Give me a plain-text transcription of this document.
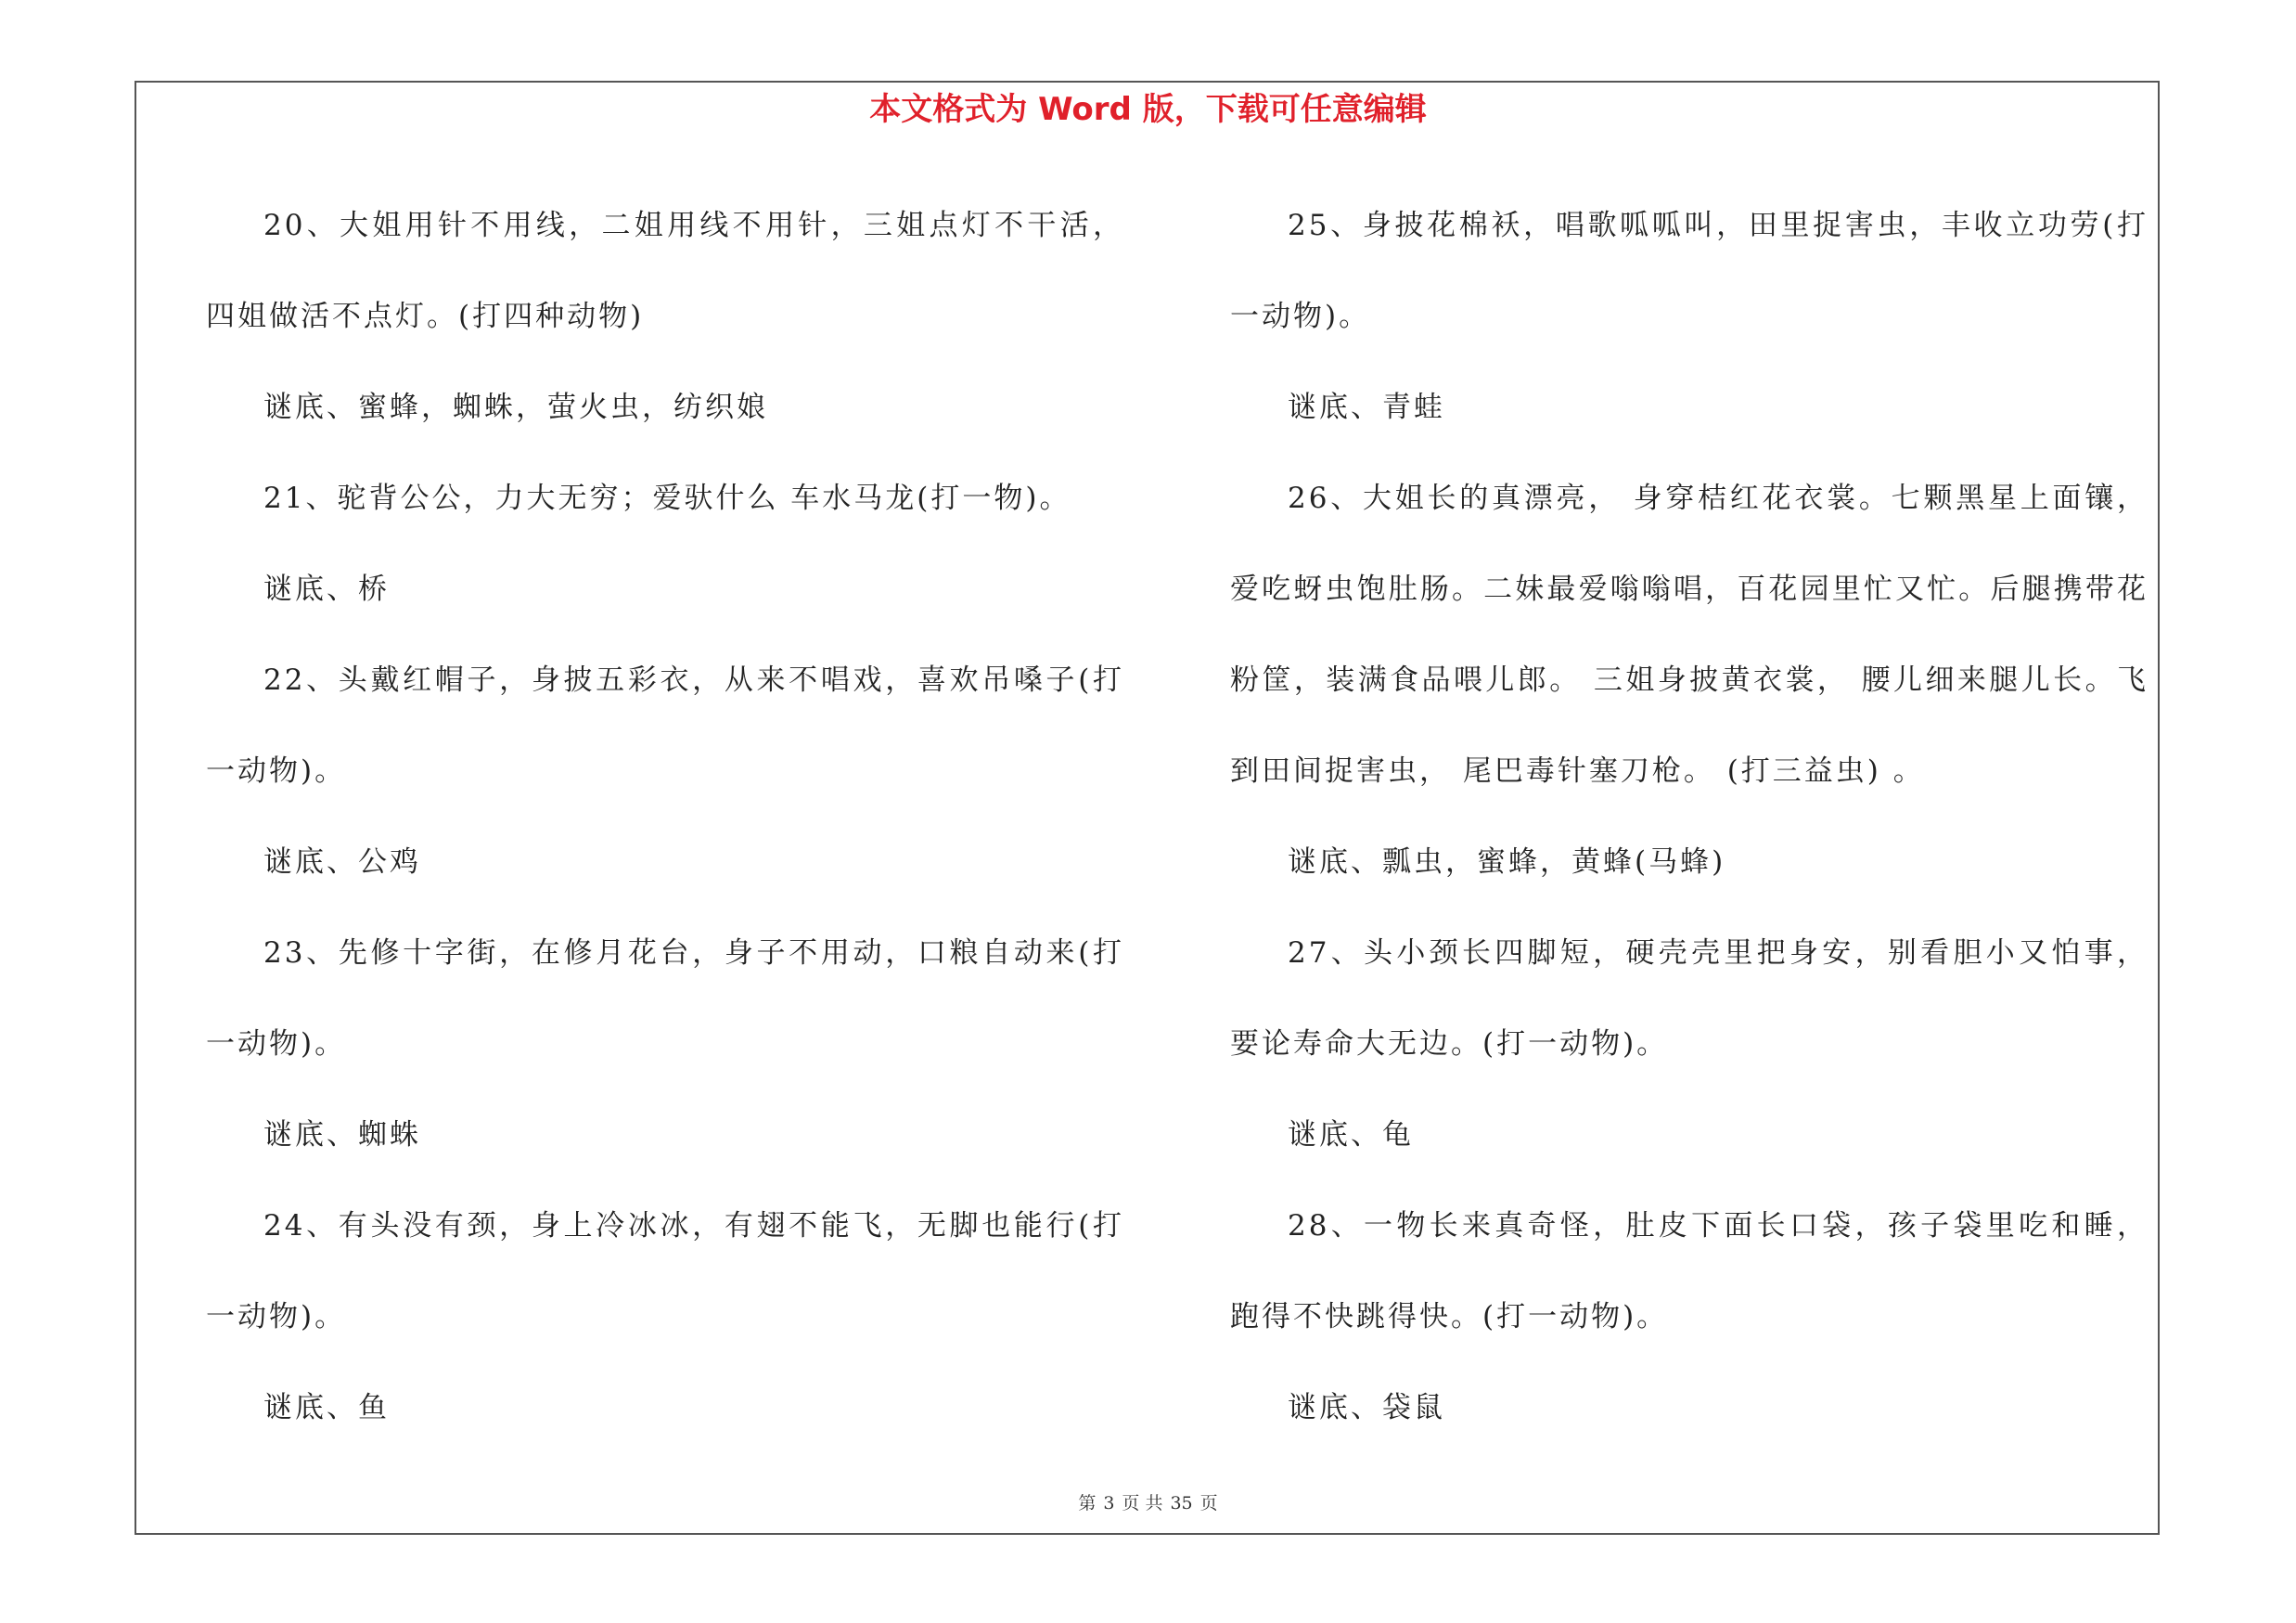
本文格式为 Word 版，下载可任意编辑

20、大姐用针不用线，二姐用线不用针，三姐点灯不干活，四姐做活不点灯。(打四种动物)

谜底、蜜蜂，蜘蛛，萤火虫，纺织娘

21、驼背公公，力大无穷；爱驮什么 车水马龙(打一物)。

谜底、桥

22、头戴红帽子，身披五彩衣，从来不唱戏，喜欢吊嗓子(打一动物)。

谜底、公鸡

23、先修十字街，在修月花台，身子不用动，口粮自动来(打一动物)。

谜底、蜘蛛

24、有头没有颈，身上冷冰冰，有翅不能飞，无脚也能行(打一动物)。

谜底、鱼

25、身披花棉袄，唱歌呱呱叫，田里捉害虫，丰收立功劳(打一动物)。

谜底、青蛙

26、大姐长的真漂亮， 身穿桔红花衣裳。七颗黑星上面镶， 爱吃蚜虫饱肚肠。二妹最爱嗡嗡唱，百花园里忙又忙。后腿携带花粉筐，装满食品喂儿郎。 三姐身披黄衣裳， 腰儿细来腿儿长。飞到田间捉害虫， 尾巴毒针塞刀枪。 (打三益虫) 。

谜底、瓢虫，蜜蜂，黄蜂(马蜂)

27、头小颈长四脚短，硬壳壳里把身安，别看胆小又怕事，要论寿命大无边。(打一动物)。

谜底、龟

28、一物长来真奇怪，肚皮下面长口袋，孩子袋里吃和睡，跑得不快跳得快。(打一动物)。

谜底、袋鼠

第 3 页 共 35 页
